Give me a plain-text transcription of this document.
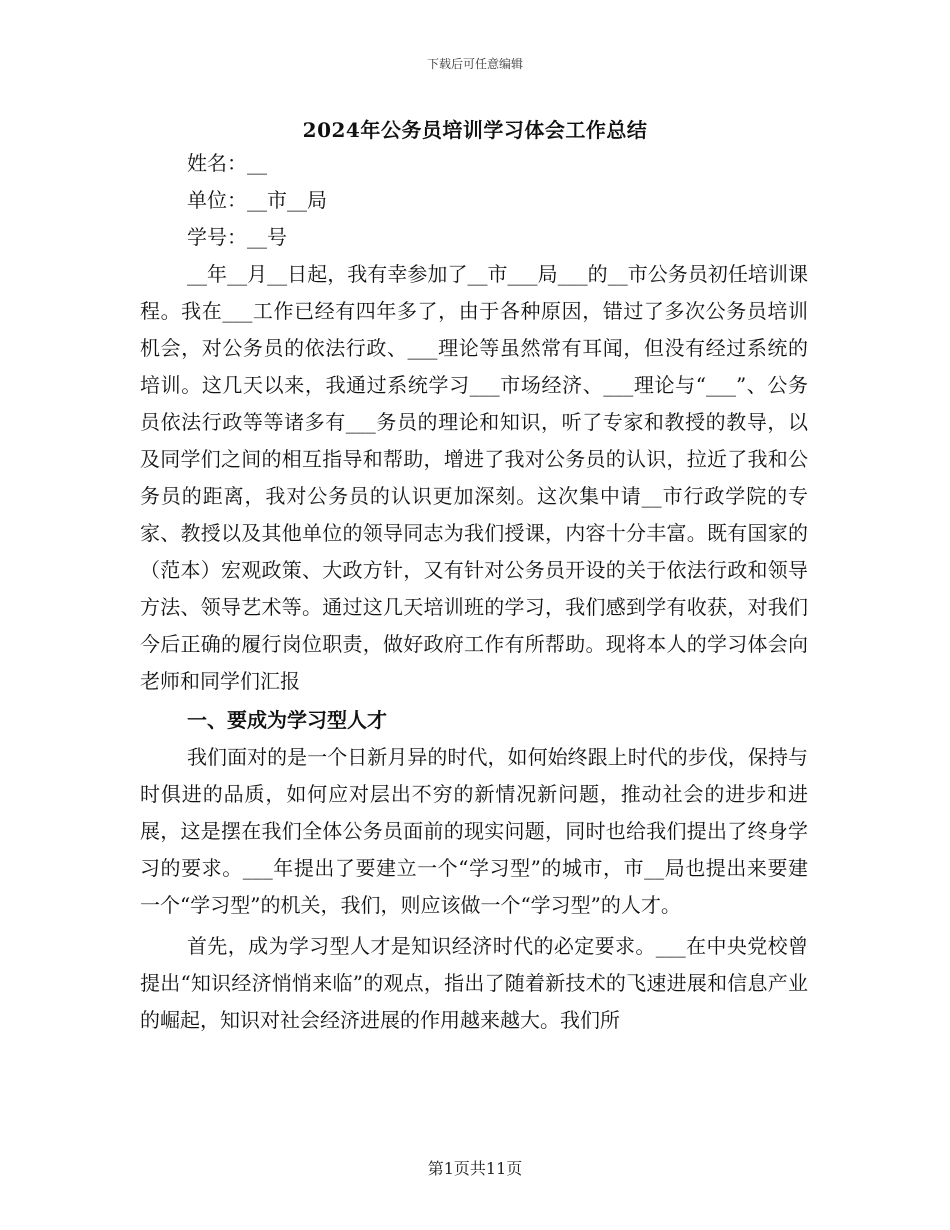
下载后可任意编辑
2024年公务员培训学习体会工作总结
姓名：__
单位：__市__局
学号：__号

__年__月__日起，我有幸参加了__市___局___的__市公务员初任培训课程。我在___工作已经有四年多了，由于各种原因，错过了多次公务员培训机会，对公务员的依法行政、___理论等虽然常有耳闻，但没有经过系统的培训。这几天以来，我通过系统学习___市场经济、___理论与“___”、公务员依法行政等等诸多有___务员的理论和知识，听了专家和教授的教导，以及同学们之间的相互指导和帮助，增进了我对公务员的认识，拉近了我和公务员的距离，我对公务员的认识更加深刻。这次集中请__市行政学院的专家、教授以及其他单位的领导同志为我们授课，内容十分丰富。既有国家的（范本）宏观政策、大政方针，又有针对公务员开设的关于依法行政和领导方法、领导艺术等。通过这几天培训班的学习，我们感到学有收获，对我们今后正确的履行岗位职责，做好政府工作有所帮助。现将本人的学习体会向老师和同学们汇报

一、要成为学习型人才

我们面对的是一个日新月异的时代，如何始终跟上时代的步伐，保持与时俱进的品质，如何应对层出不穷的新情况新问题，推动社会的进步和进展，这是摆在我们全体公务员面前的现实问题，同时也给我们提出了终身学习的要求。___年提出了要建立一个“学习型”的城市，市__局也提出来要建一个“学习型”的机关，我们，则应该做一个“学习型”的人才。

首先，成为学习型人才是知识经济时代的必定要求。___在中央党校曾提出“知识经济悄悄来临”的观点，指出了随着新技术的飞速进展和信息产业的崛起，知识对社会经济进展的作用越来越大。我们所

第1页共11页
